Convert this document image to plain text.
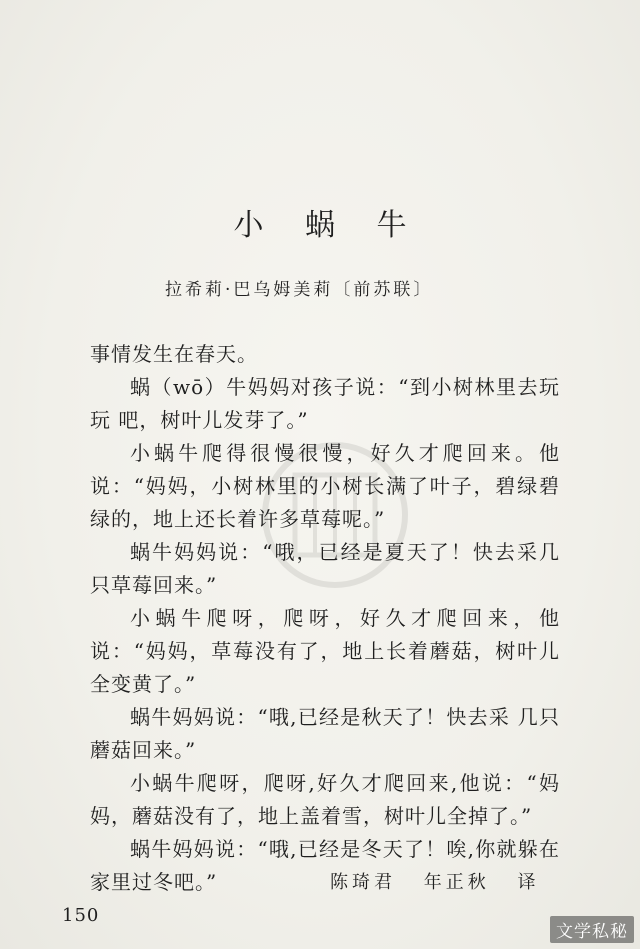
小 蜗 牛
拉希莉·巴乌姆美莉〔前苏联〕

事情发生在春天。

蜗（wō）牛妈妈对孩子说：“到小树林里去玩 玩 吧，树叶儿发芽了。”

小蜗牛爬得很慢很慢，好久才爬回来。他说：“妈妈，小树林里的小树长满了叶子，碧绿碧绿的，地上还长着许多草莓呢。”

蜗牛妈妈说：“哦，已经是夏天了！快去采几只草莓回来。”

小蜗牛爬呀，爬呀，好久才爬回来，他说：“妈妈，草莓没有了，地上长着蘑菇，树叶儿全变黄了。”

蜗牛妈妈说：“哦,已经是秋天了！快去采 几只蘑菇回来。”

小蜗牛爬呀，爬呀,好久才爬回来,他说：“妈妈，蘑菇没有了，地上盖着雪，树叶儿全掉了。”

蜗牛妈妈说：“哦,已经是冬天了！唉,你就躲在家里过冬吧。”	陈琦君 年正秋 译
150
文学私秘
